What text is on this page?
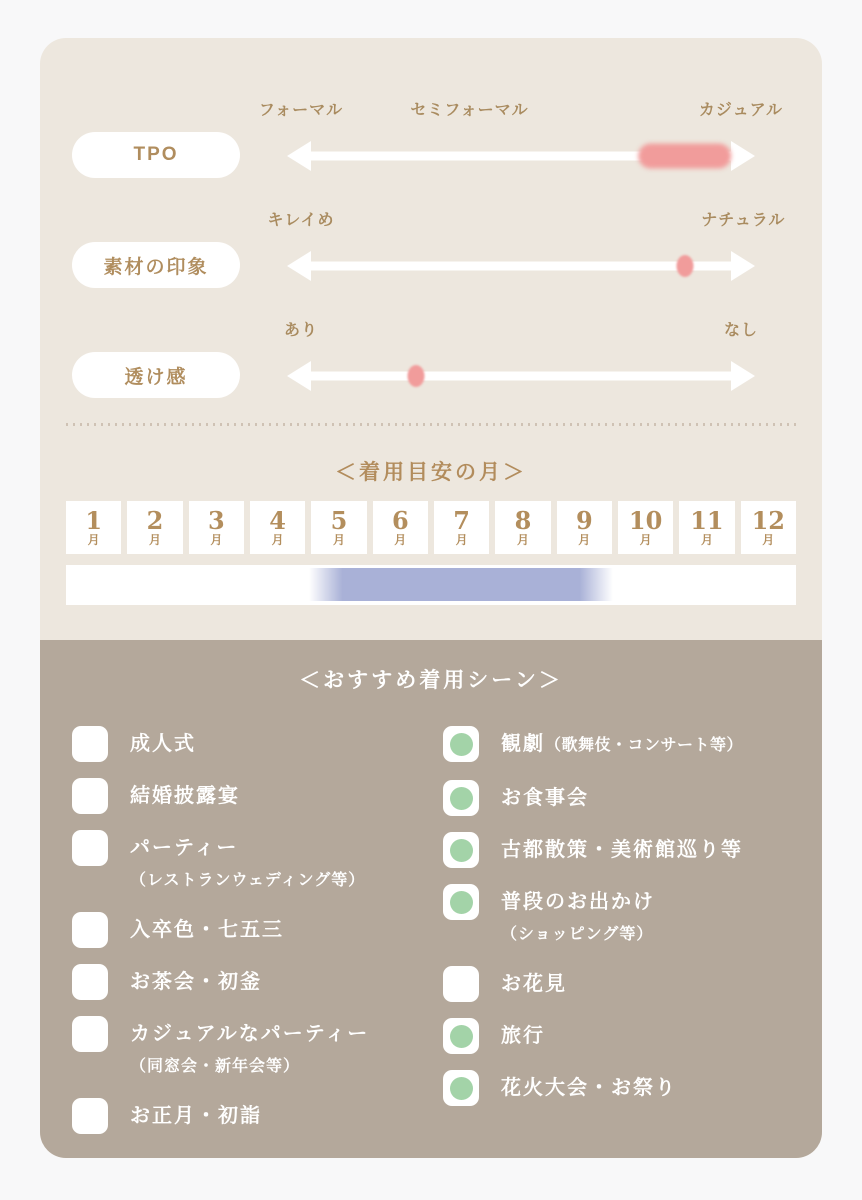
TPO
フォーマル	セミフォーマル	カジュアル
素材の印象
キレイめ	ナチュラル
透け感
あり	なし
＜着用目安の月＞
1
月
2
月
3
月
4
月
5
月
6
月
7
月
8
月
9
月
10
月
11
月
12
月
＜おすすめ着用シーン＞
成人式
結婚披露宴
パーティー
（レストランウェディング等）
入卒色・七五三
お茶会・初釜
カジュアルなパーティー
（同窓会・新年会等）
お正月・初詣
観劇（歌舞伎・コンサート等）
お食事会
古都散策・美術館巡り等
普段のお出かけ
（ショッピング等）
お花見
旅行
花火大会・お祭り
